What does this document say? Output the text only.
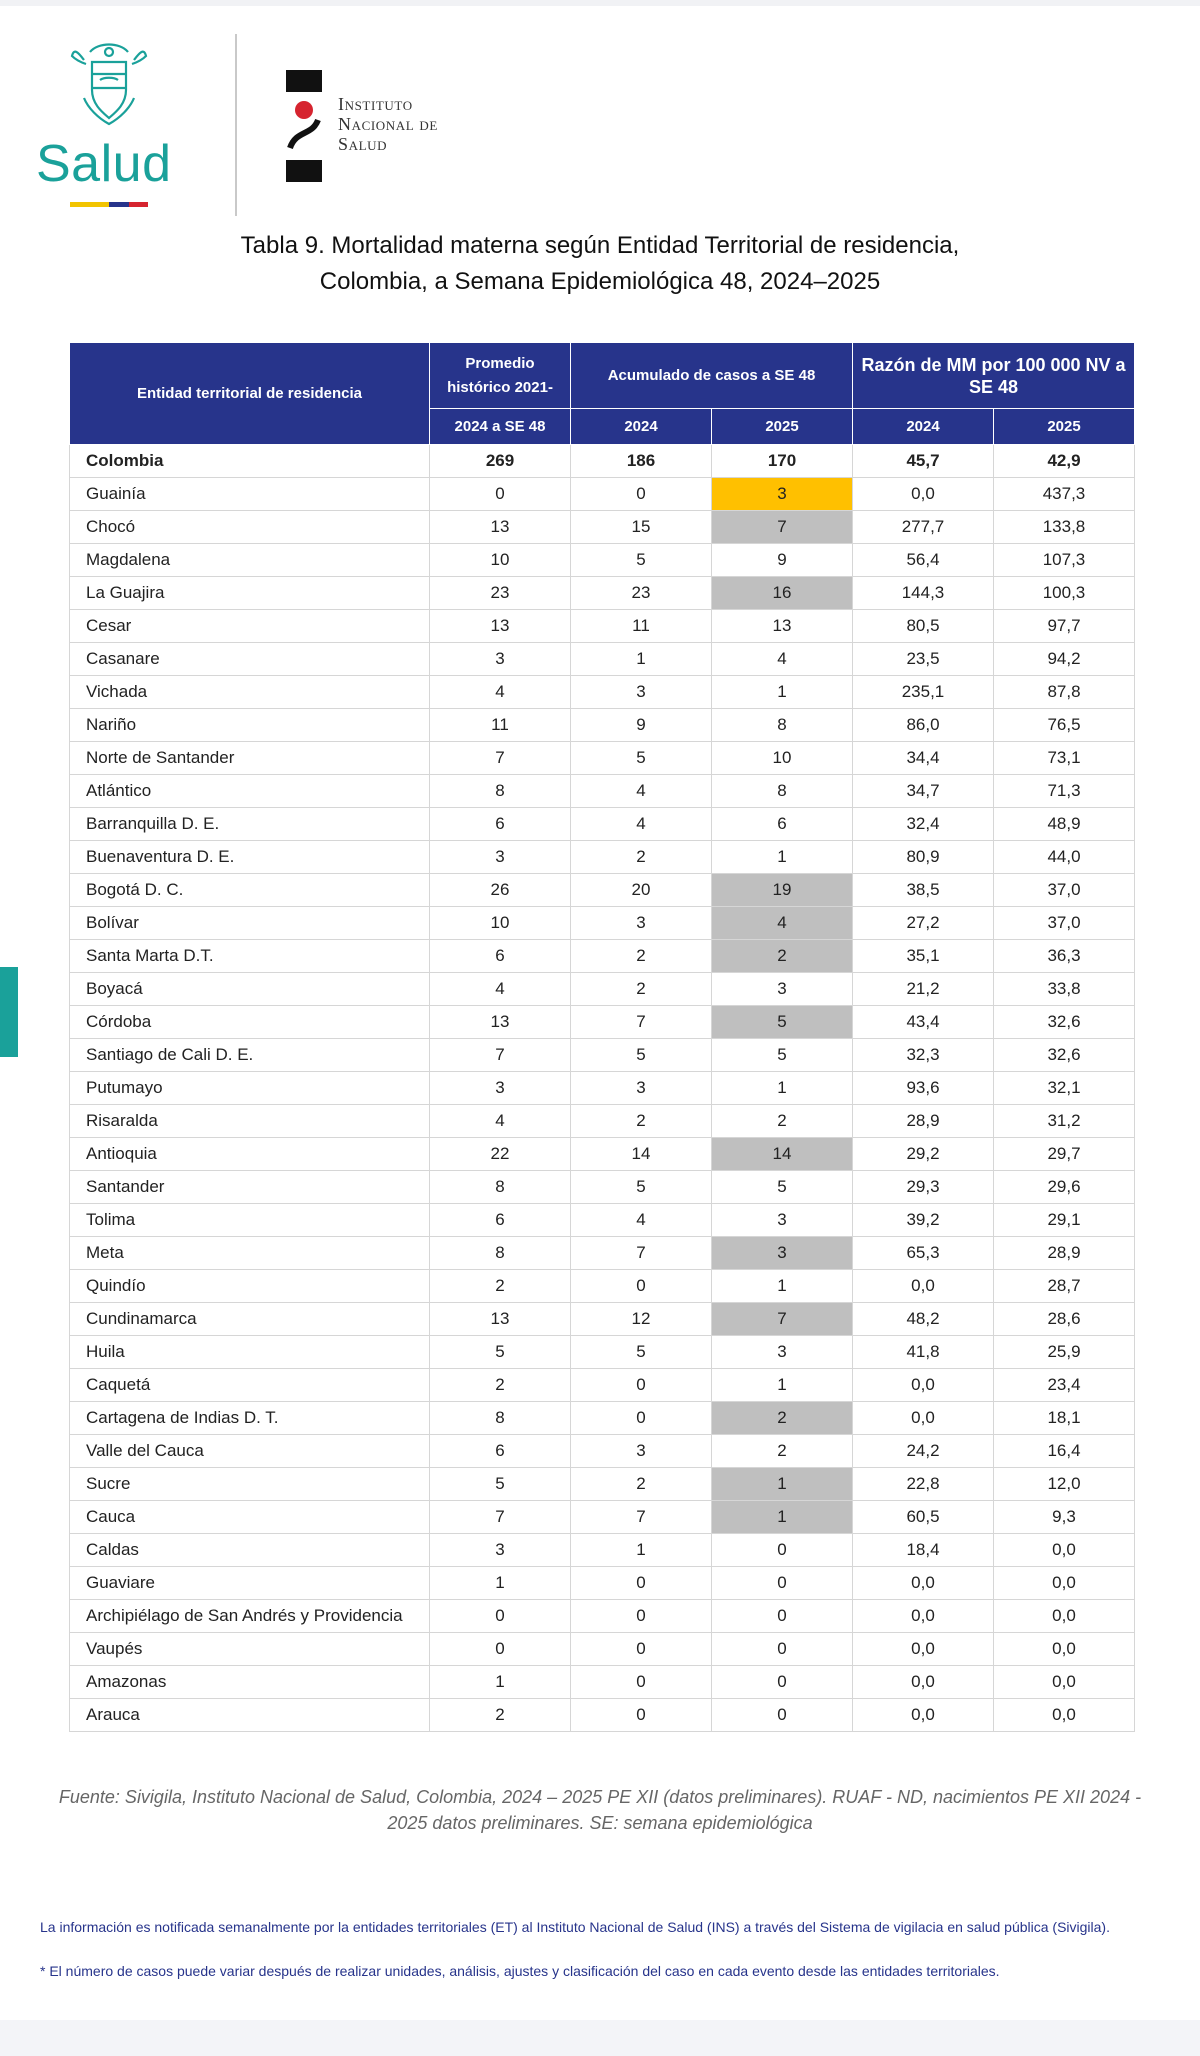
Salud
Instituto
Nacional de
Salud
Tabla 9. Mortalidad materna según Entidad Territorial de residencia,
Colombia, a Semana Epidemiológica 48, 2024–2025
Entidad territorial de residencia	Promedio histórico 2021-	Acumulado de casos a SE 48		Razón de MM por 100 000 NV a SE 48	
	2024 a SE 48	2024	2025	2024	2025
Colombia	269	186	170	45,7	42,9
Guainía	0	0	3	0,0	437,3
Chocó	13	15	7	277,7	133,8
Magdalena	10	5	9	56,4	107,3
La Guajira	23	23	16	144,3	100,3
Cesar	13	11	13	80,5	97,7
Casanare	3	1	4	23,5	94,2
Vichada	4	3	1	235,1	87,8
Nariño	11	9	8	86,0	76,5
Norte de Santander	7	5	10	34,4	73,1
Atlántico	8	4	8	34,7	71,3
Barranquilla D. E.	6	4	6	32,4	48,9
Buenaventura D. E.	3	2	1	80,9	44,0
Bogotá D. C.	26	20	19	38,5	37,0
Bolívar	10	3	4	27,2	37,0
Santa Marta D.T.	6	2	2	35,1	36,3
Boyacá	4	2	3	21,2	33,8
Córdoba	13	7	5	43,4	32,6
Santiago de Cali D. E.	7	5	5	32,3	32,6
Putumayo	3	3	1	93,6	32,1
Risaralda	4	2	2	28,9	31,2
Antioquia	22	14	14	29,2	29,7
Santander	8	5	5	29,3	29,6
Tolima	6	4	3	39,2	29,1
Meta	8	7	3	65,3	28,9
Quindío	2	0	1	0,0	28,7
Cundinamarca	13	12	7	48,2	28,6
Huila	5	5	3	41,8	25,9
Caquetá	2	0	1	0,0	23,4
Cartagena de Indias D. T.	8	0	2	0,0	18,1
Valle del Cauca	6	3	2	24,2	16,4
Sucre	5	2	1	22,8	12,0
Cauca	7	7	1	60,5	9,3
Caldas	3	1	0	18,4	0,0
Guaviare	1	0	0	0,0	0,0
Archipiélago de San Andrés y Providencia	0	0	0	0,0	0,0
Vaupés	0	0	0	0,0	0,0
Amazonas	1	0	0	0,0	0,0
Arauca	2	0	0	0,0	0,0
Fuente: Sivigila, Instituto Nacional de Salud, Colombia, 2024 – 2025 PE XII (datos preliminares). RUAF - ND, nacimientos PE XII 2024 - 2025 datos preliminares. SE: semana epidemiológica
La información es notificada semanalmente por la entidades territoriales (ET) al Instituto Nacional de Salud (INS) a través del Sistema de vigilacia en salud pública (Sivigila).
* El número de casos puede variar después de realizar unidades, análisis, ajustes y clasificación del caso en cada evento desde las entidades territoriales.
